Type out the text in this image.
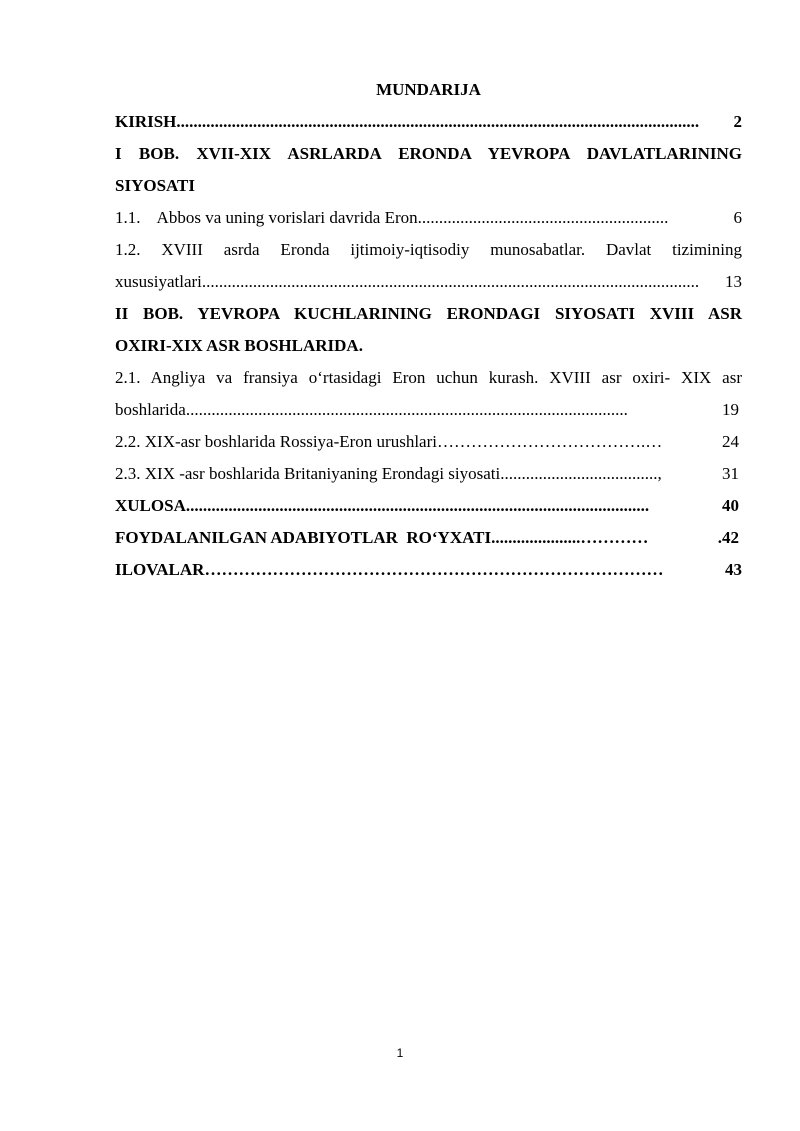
MUNDARIJA
KIRISH...........................................................................................................................	2
I BOB. XVII-XIX ASRLARDA ERONDA YEVROPA DAVLATLARINING
SIYOSATI
1.1.    Abbos va uning vorislari davrida Eron...........................................................	6
1.2. XVIII asrda Eronda ijtimoiy-iqtisodiy munosabatlar. Davlat tizimining
xususiyatlari.....................................................................................................................	13
II BOB. YEVROPA KUCHLARINING ERONDAGI SIYOSATI XVIII ASR
OXIRI-XIX ASR BOSHLARIDA.
2.1. Angliya va fransiya o‘rtasidagi Eron uchun kurash. XVIII asr oxiri- XIX asr
boshlarida........................................................................................................	19
2.2. XIX-asr boshlarida Rossiya-Eron urushlari……………………………….…	24
2.3. XIX -asr boshlarida Britaniyaning Erondagi siyosati.....................................,	31
XULOSA.............................................................................................................	40
FOYDALANILGAN ADABIYOTLAR  RO‘YXATI.....................…………	.42
ILOVALAR………………………………………………………………………	43
1
